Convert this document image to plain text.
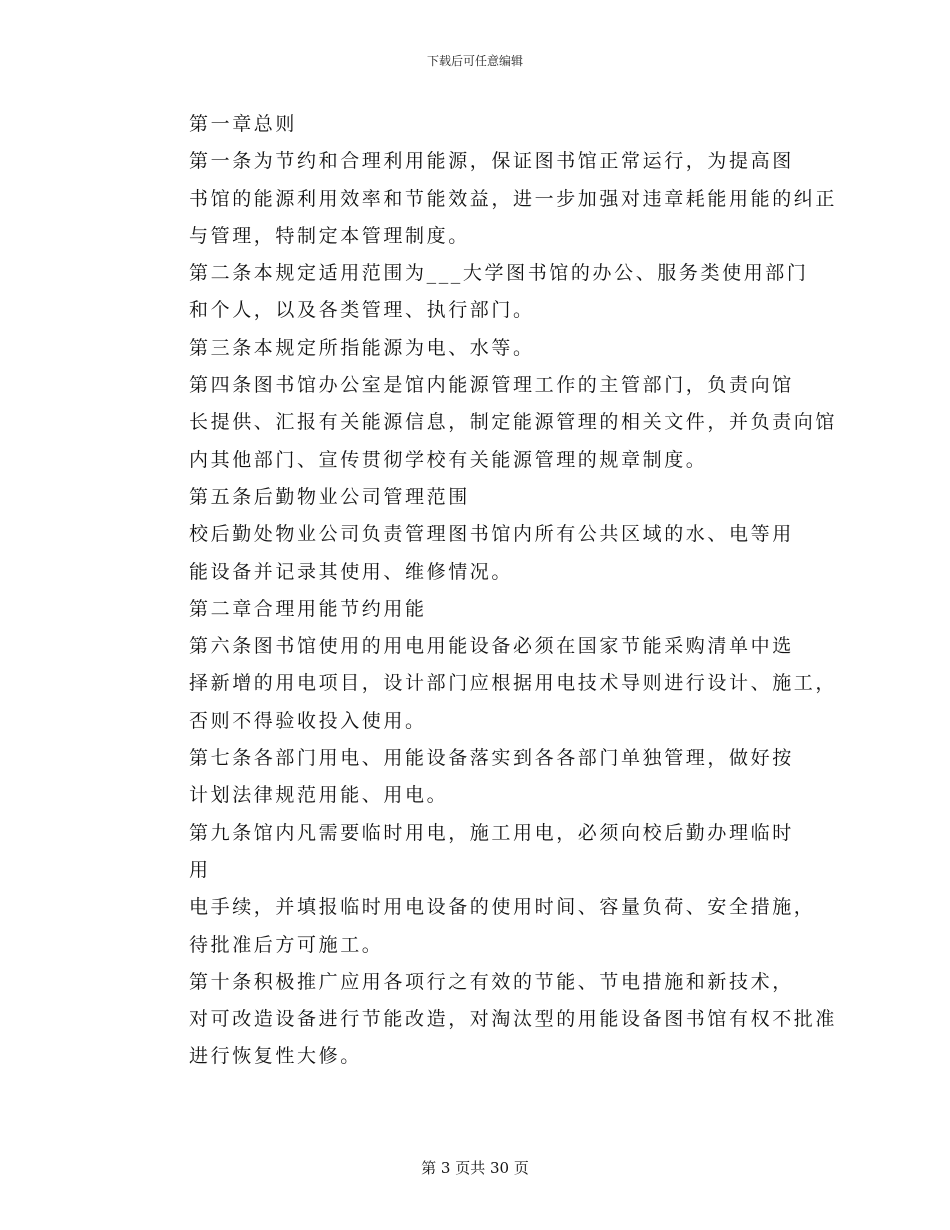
下载后可任意编辑

第一章总则

第一条为节约和合理利用能源，保证图书馆正常运行，为提高图
书馆的能源利用效率和节能效益，进一步加强对违章耗能用能的纠正
与管理，特制定本管理制度。

第二条本规定适用范围为___大学图书馆的办公、服务类使用部门
和个人，以及各类管理、执行部门。

第三条本规定所指能源为电、水等。

第四条图书馆办公室是馆内能源管理工作的主管部门，负责向馆
长提供、汇报有关能源信息，制定能源管理的相关文件，并负责向馆
内其他部门、宣传贯彻学校有关能源管理的规章制度。

第五条后勤物业公司管理范围

校后勤处物业公司负责管理图书馆内所有公共区域的水、电等用
能设备并记录其使用、维修情况。

第二章合理用能节约用能

第六条图书馆使用的用电用能设备必须在国家节能采购清单中选
择新增的用电项目，设计部门应根据用电技术导则进行设计、施工，
否则不得验收投入使用。

第七条各部门用电、用能设备落实到各各部门单独管理，做好按
计划法律规范用能、用电。

第九条馆内凡需要临时用电，施工用电，必须向校后勤办理临时
用

电手续，并填报临时用电设备的使用时间、容量负荷、安全措施，
待批准后方可施工。

第十条积极推广应用各项行之有效的节能、节电措施和新技术，
对可改造设备进行节能改造，对淘汰型的用能设备图书馆有权不批准
进行恢复性大修。

第 3 页共 30 页
